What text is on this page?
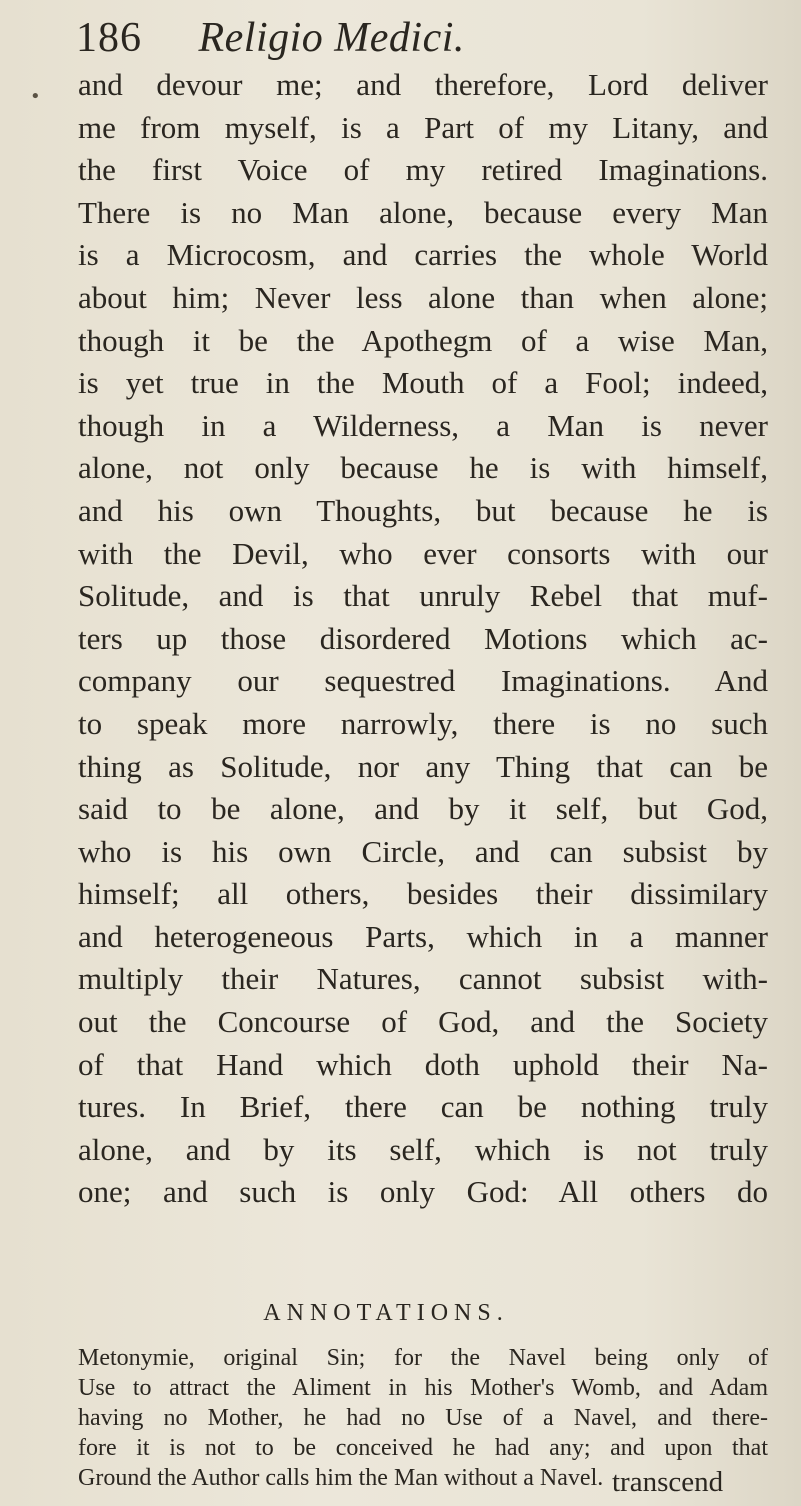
•
186 Religio Medici.
and devour me; and therefore, Lord deliver
me from myself, is a Part of my Litany, and
the first Voice of my retired Imaginations.
There is no Man alone, because every Man
is a Microcosm, and carries the whole World
about him; Never less alone than when alone;
though it be the Apothegm of a wise Man,
is yet true in the Mouth of a Fool; indeed,
though in a Wilderness, a Man is never
alone, not only because he is with himself,
and his own Thoughts, but because he is
with the Devil, who ever consorts with our
Solitude, and is that unruly Rebel that muf-
ters up those disordered Motions which ac-
company our sequestred Imaginations. And
to speak more narrowly, there is no such
thing as Solitude, nor any Thing that can be
said to be alone, and by it self, but God,
who is his own Circle, and can subsist by
himself; all others, besides their dissimilary
and heterogeneous Parts, which in a manner
multiply their Natures, cannot subsist with-
out the Concourse of God, and the Society
of that Hand which doth uphold their Na-
tures. In Brief, there can be nothing truly
alone, and by its self, which is not truly
one; and such is only God: All others do
ANNOTATIONS.
Metonymie, original Sin; for the Navel being only of
Use to attract the Aliment in his Mother's Womb, and Adam
having no Mother, he had no Use of a Navel, and there-
fore it is not to be conceived he had any; and upon that
Ground the Author calls him the Man without a Navel. transcend
